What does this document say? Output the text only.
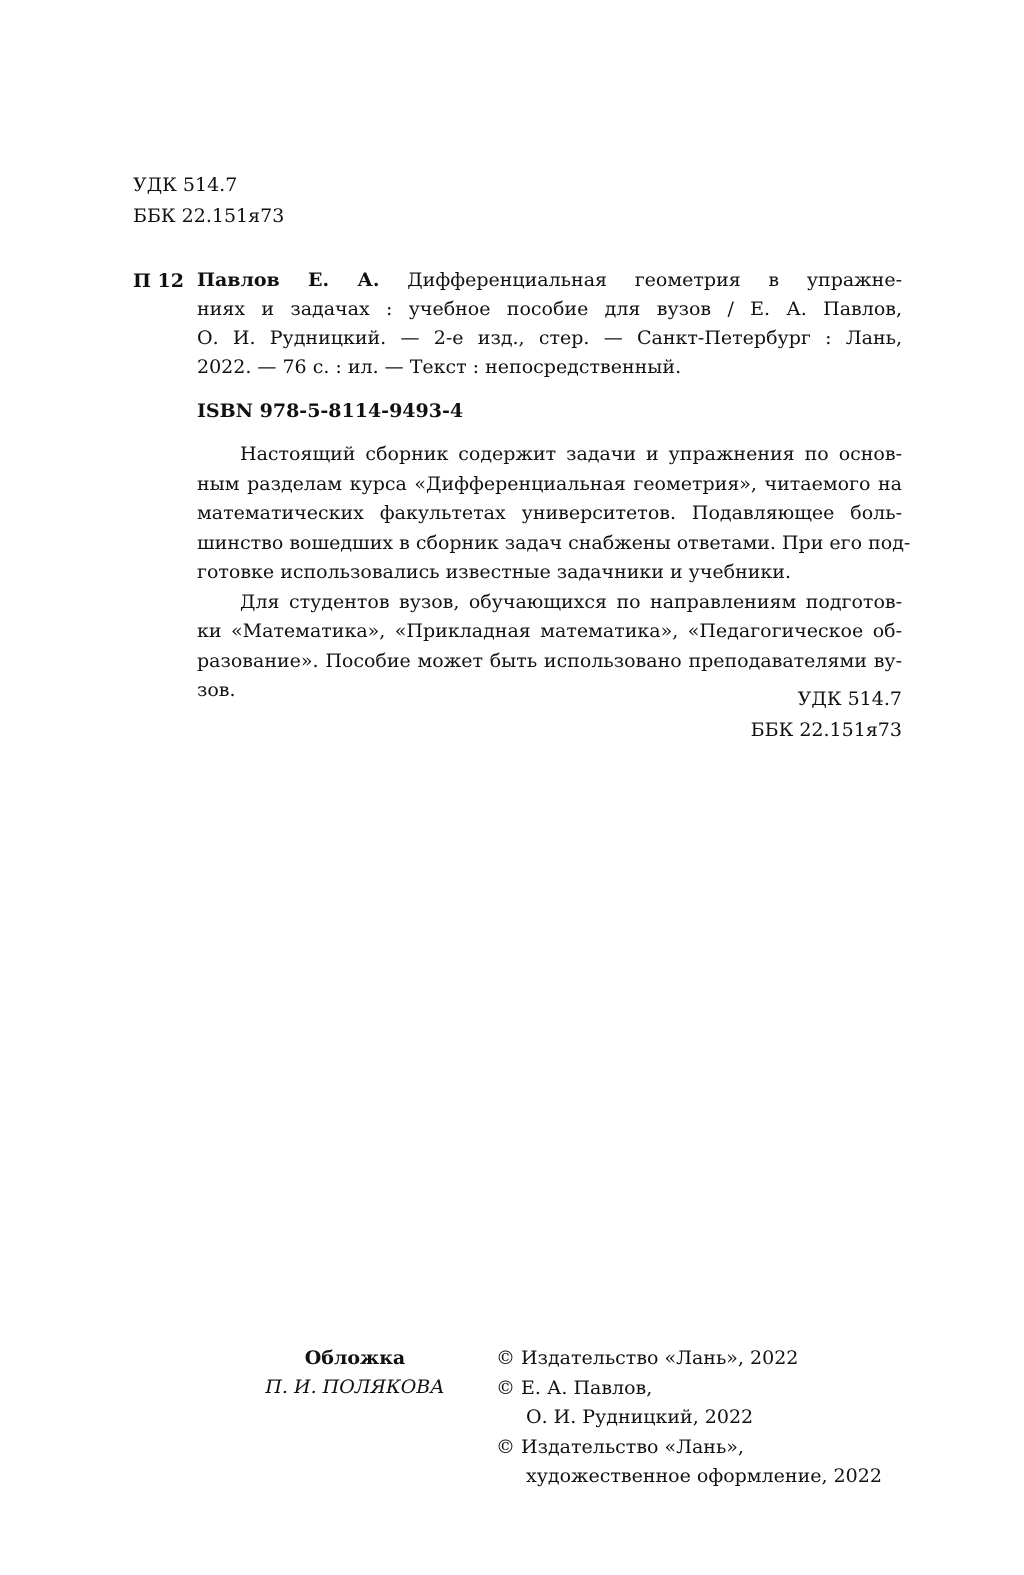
УДК 514.7
ББК 22.151я73
П 12 Павлов Е. А. Дифференциальная геометрия в упражне-
ниях и задачах : учебное пособие для вузов / Е. А. Павлов,
О. И. Рудницкий. — 2-е изд., стер. — Санкт-Петербург : Лань,
2022. — 76 с. : ил. — Текст : непосредственный.
ISBN 978-5-8114-9493-4
Настоящий сборник содержит задачи и упражнения по основ-
ным разделам курса «Дифференциальная геометрия», читаемого на
математических факультетах университетов. Подавляющее боль-
шинство вошедших в сборник задач снабжены ответами. При его под-
готовке использовались известные задачники и учебники.
Для студентов вузов, обучающихся по направлениям подготов-
ки «Математика», «Прикладная математика», «Педагогическое об-
разование». Пособие может быть использовано преподавателями ву-
зов.	УДК 514.7
ББК 22.151я73
Обложка
П. И. ПОЛЯКОВА
© Издательство «Лань», 2022
© Е. А. Павлов,
О. И. Рудницкий, 2022
© Издательство «Лань»,
художественное оформление, 2022
